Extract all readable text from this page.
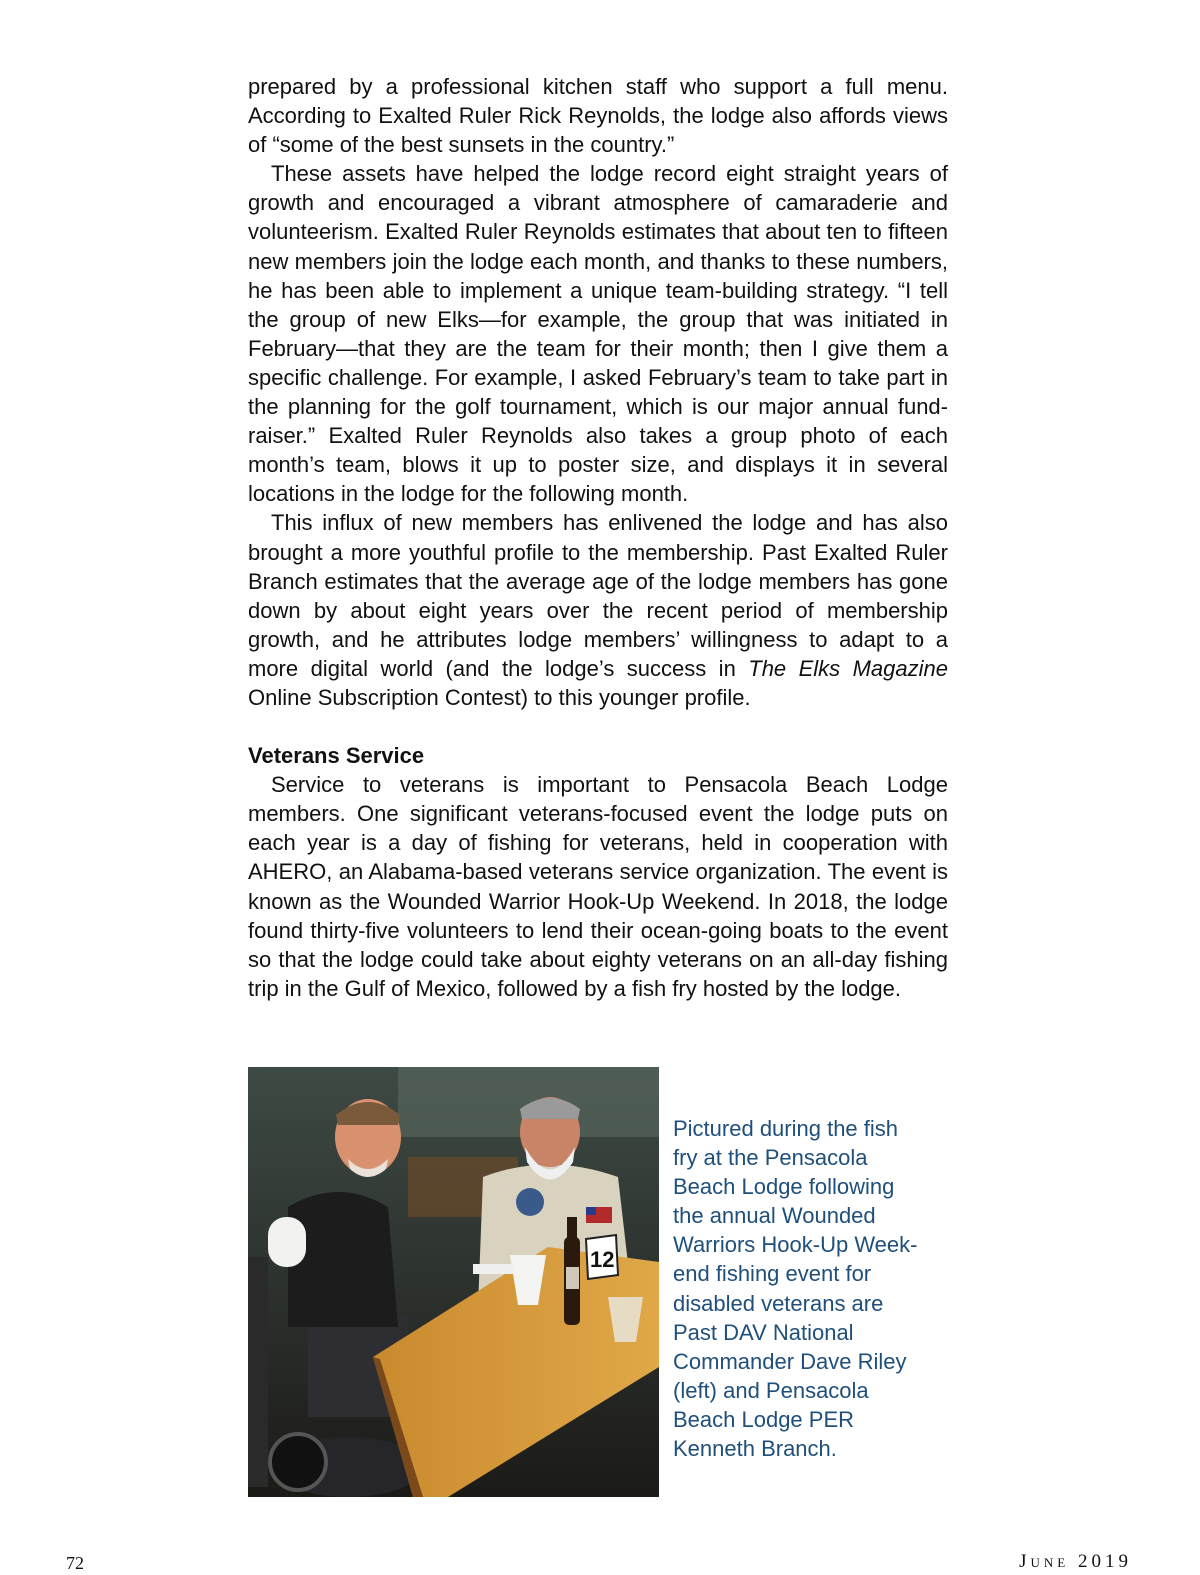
prepared by a professional kitchen staff who support a full menu. According to Exalted Ruler Rick Reynolds, the lodge also affords views of “some of the best sunsets in the country.”

These assets have helped the lodge record eight straight years of growth and encouraged a vibrant atmosphere of camaraderie and volunteerism. Exalted Ruler Reynolds estimates that about ten to fifteen new members join the lodge each month, and thanks to these numbers, he has been able to implement a unique team-building strategy. “I tell the group of new Elks—for example, the group that was initiated in February—that they are the team for their month; then I give them a specific challenge. For example, I asked February’s team to take part in the planning for the golf tournament, which is our major annual fund-raiser.” Exalted Ruler Reynolds also takes a group photo of each month’s team, blows it up to poster size, and displays it in several locations in the lodge for the following month.

This influx of new members has enlivened the lodge and has also brought a more youthful profile to the membership. Past Exalted Ruler Branch estimates that the average age of the lodge members has gone down by about eight years over the recent period of membership growth, and he attributes lodge members’ willingness to adapt to a more digital world (and the lodge’s success in The Elks Magazine Online Subscription Contest) to this younger profile.

Veterans Service

Service to veterans is important to Pensacola Beach Lodge members. One significant veterans-focused event the lodge puts on each year is a day of fishing for veterans, held in cooperation with AHERO, an Alabama-based veterans service organization. The event is known as the Wounded Warrior Hook-Up Weekend. In 2018, the lodge found thirty-five volunteers to lend their ocean-going boats to the event so that the lodge could take about eighty veterans on an all-day fishing trip in the Gulf of Mexico, followed by a fish fry hosted by the lodge.

12
Pictured during the fish
fry at the Pensacola
Beach Lodge following
the annual Wounded
Warriors Hook-Up Week-
end fishing event for
disabled veterans are
Past DAV National
Commander Dave Riley
(left) and Pensacola
Beach Lodge PER
Kenneth Branch.
72	June 2019
